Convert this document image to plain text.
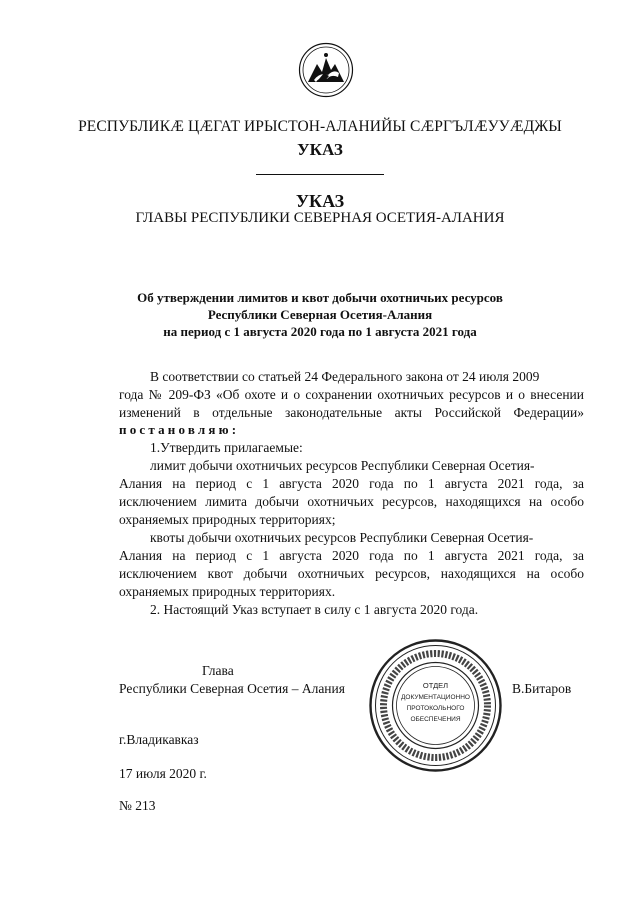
РЕСПУБЛИКӔ ЦӔГАТ ИРЫСТОН-АЛАНИЙЫ СӔРГЪЛӔУУӔДЖЫ
УКАЗ
УКАЗ
ГЛАВЫ РЕСПУБЛИКИ СЕВЕРНАЯ ОСЕТИЯ-АЛАНИЯ
Об утверждении лимитов и квот добычи охотничьих ресурсов
Республики Северная Осетия-Алания
на период с 1 августа 2020 года по 1 августа 2021 года
В соответствии со статьей 24 Федерального закона от 24 июля 2009
года № 209-ФЗ «Об охоте и о сохранении охотничьих ресурсов и о внесении
изменений в отдельные законодательные акты Российской Федерации»
постановляю:
1.Утвердить прилагаемые:
лимит добычи охотничьих ресурсов Республики Северная Осетия-
Алания на период с 1 августа 2020 года по 1 августа 2021 года, за
исключением лимита добычи охотничьих ресурсов, находящихся на особо
охраняемых природных территориях;
квоты добычи охотничьих ресурсов Республики Северная Осетия-
Алания на период с 1 августа 2020 года по 1 августа 2021 года, за
исключением квот добычи охотничьих ресурсов, находящихся на особо
охраняемых природных территориях.
2. Настоящий Указ вступает в силу с 1 августа 2020 года.
Глава
Республики Северная Осетия – Алания	В.Битаров
ОТДЕЛ
ДОКУМЕНТАЦИОННО
ПРОТОКОЛЬНОГО
ОБЕСПЕЧЕНИЯ
г.Владикавказ
17 июля 2020 г.
№ 213
